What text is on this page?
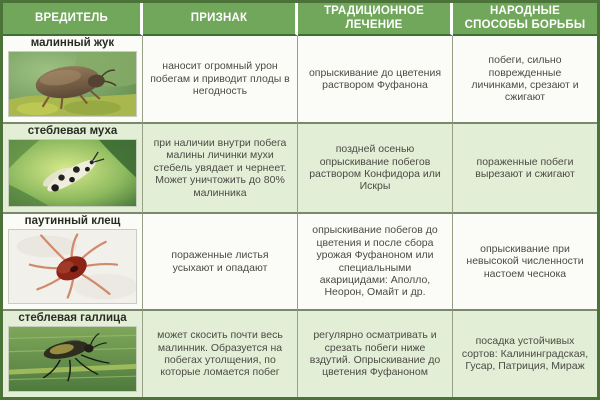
ВРЕДИТЕЛЬ	ПРИЗНАК
ТРАДИЦИОННОЕ ЛЕЧЕНИЕ
НАРОДНЫЕ СПОСОБЫ БОРЬБЫ
малинный жук
наносит огромный урон побегам и приводит плоды в негодность
опрыскивание до цветения раствором Фуфанона
побеги, сильно поврежденные личинками, срезают и сжигают
стеблевая муха
при наличии внутри побега малины личинки мухи стебель увядает и чернеет. Может уничтожить до 80% малинника
поздней осенью опрыскивание побегов раствором Конфидора или Искры
пораженные побеги вырезают и сжигают
паутинный клещ
пораженные листья усыхают и опадают
опрыскивание побегов до цветения и после сбора урожая Фуфаноном или специальными акарицидами: Аполло, Неорон, Омайт и др.
опрыскивание при невысокой численности настоем чеснока
стеблевая галлица
может скосить почти весь малинник. Образуется на побегах утолщения, по которые ломается побег
регулярно осматривать и срезать побеги ниже вздутий. Опрыскивание до цветения Фуфаноном
посадка устойчивых сортов: Калининградская, Гусар, Патриция, Мираж
